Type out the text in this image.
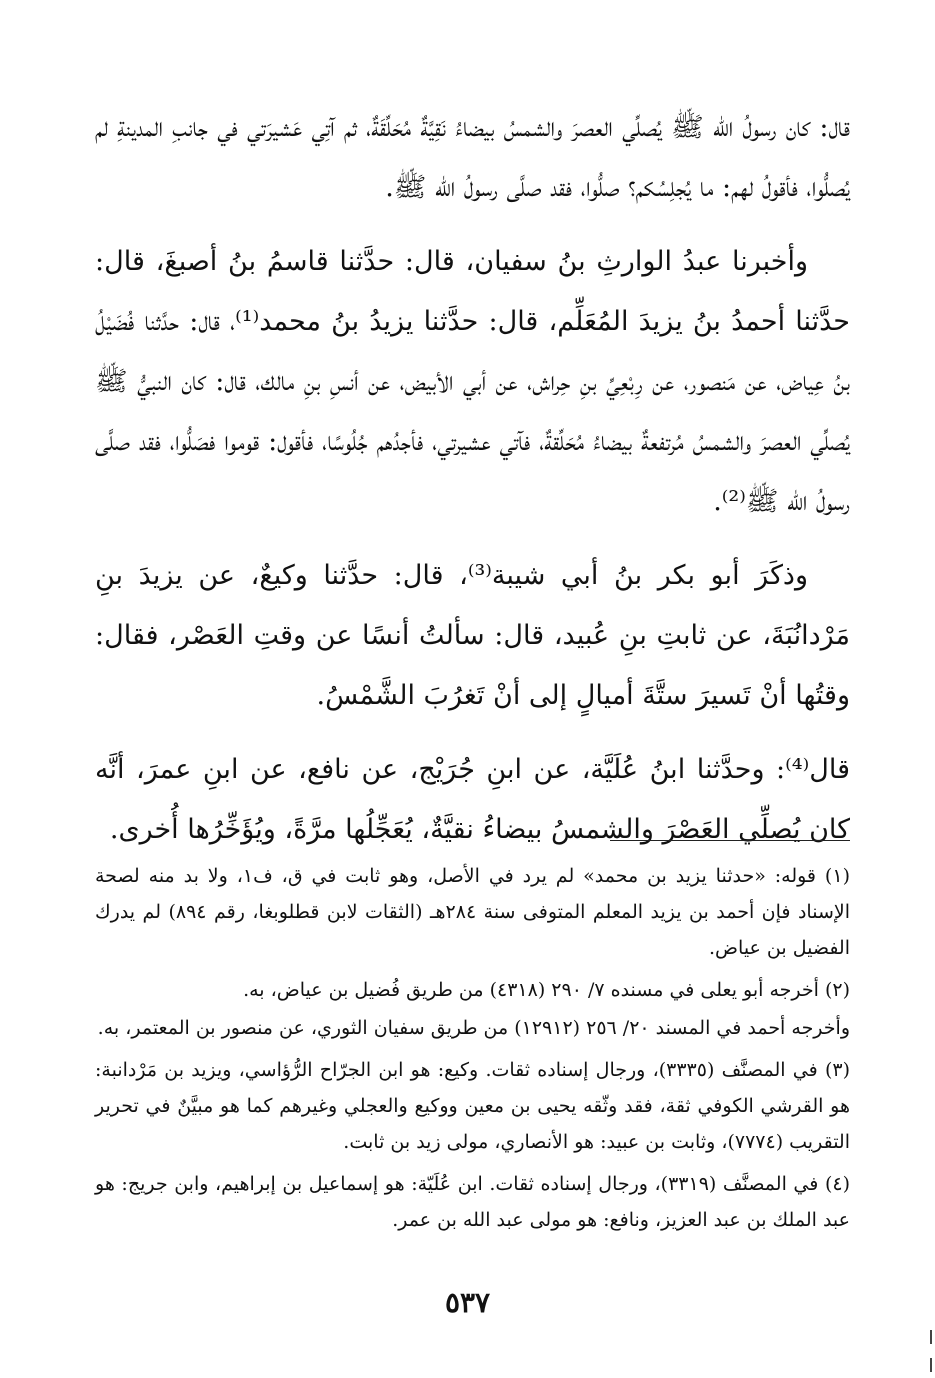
قال: كان رسولُ الله ﷺ يُصلِّي العصرَ والشمسُ بيضاءُ نَقِيَّةٌ مُحَلِّقَةٌ، ثم آتِي عَشيرَتي في جانبِ المدينةِ لم يُصلُّوا، فأقولُ لهم: ما يُجلِسُكم؟ صلُّوا، فقد صلَّى رسولُ الله ﷺ.

وأخبرنا عبدُ الوارثِ بنُ سفيان، قال: حدَّثنا قاسمُ بنُ أصبغَ، قال: حدَّثنا أحمدُ بنُ يزيدَ المُعَلِّم، قال: حدَّثنا يزيدُ بنُ محمد⁽¹⁾، قال: حدَّثنا فُضَيْلُ بنُ عِياض، عن مَنصور، عن رِبْعِيِّ بنِ حِراش، عن أبي الأبيض، عن أنسِ بنِ مالك، قال: كان النبيُّ ﷺ يُصلِّي العصرَ والشمسُ مُرتفعةٌ بيضاءُ مُحَلِّقةٌ، فآتي عشيرتي، فأجدُهم جُلُوسًا، فأقول: قوموا فصَلُّوا، فقد صلَّى رسولُ الله ﷺ⁽²⁾.

وذكَرَ أبو بكر بنُ أبي شيبة⁽³⁾، قال: حدَّثنا وكيعٌ، عن يزيدَ بنِ مَرْدانُبَةَ، عن ثابتِ بنِ عُبيد، قال: سألتُ أنسًا عن وقتِ العَصْر، فقال: وقتُها أنْ تَسيرَ ستَّةَ أميالٍ إلى أنْ تَغرُبَ الشَّمْسُ.

قال⁽⁴⁾: وحدَّثنا ابنُ عُلَيَّة، عن ابنِ جُرَيْج، عن نافع، عن ابنِ عمرَ، أنَّه كان يُصلِّي العَصْرَ والشمسُ بيضاءُ نقيَّةٌ، يُعَجِّلُها مرَّةً، ويُؤَخِّرُها أُخرى.

(١) قوله: «حدثنا يزيد بن محمد» لم يرد في الأصل، وهو ثابت في ق، ف١، ولا بد منه لصحة الإسناد فإن أحمد بن يزيد المعلم المتوفى سنة ٢٨٤هـ (الثقات لابن قطلوبغا، رقم ٨٩٤) لم يدرك الفضيل بن عياض.

(٢) أخرجه أبو يعلى في مسنده ٧/ ٢٩٠ (٤٣١٨) من طريق فُضيل بن عياض، به.

وأخرجه أحمد في المسند ٢٠/ ٢٥٦ (١٢٩١٢) من طريق سفيان الثوري، عن منصور بن المعتمر، به.

(٣) في المصنَّف (٣٣٣٥)، ورجال إسناده ثقات. وكيع: هو ابن الجرّاح الرُّؤاسي، ويزيد بن مَرْدانبة: هو القرشي الكوفي ثقة، فقد وثّقه يحيى بن معين ووكيع والعجلي وغيرهم كما هو مبيَّنٌ في تحرير التقريب (٧٧٧٤)، وثابت بن عبيد: هو الأنصاري، مولى زيد بن ثابت.

(٤) في المصنَّف (٣٣١٩)، ورجال إسناده ثقات. ابن عُلَيّة: هو إسماعيل بن إبراهيم، وابن جريج: هو عبد الملك بن عبد العزيز، ونافع: هو مولى عبد الله بن عمر.

٥٣٧
